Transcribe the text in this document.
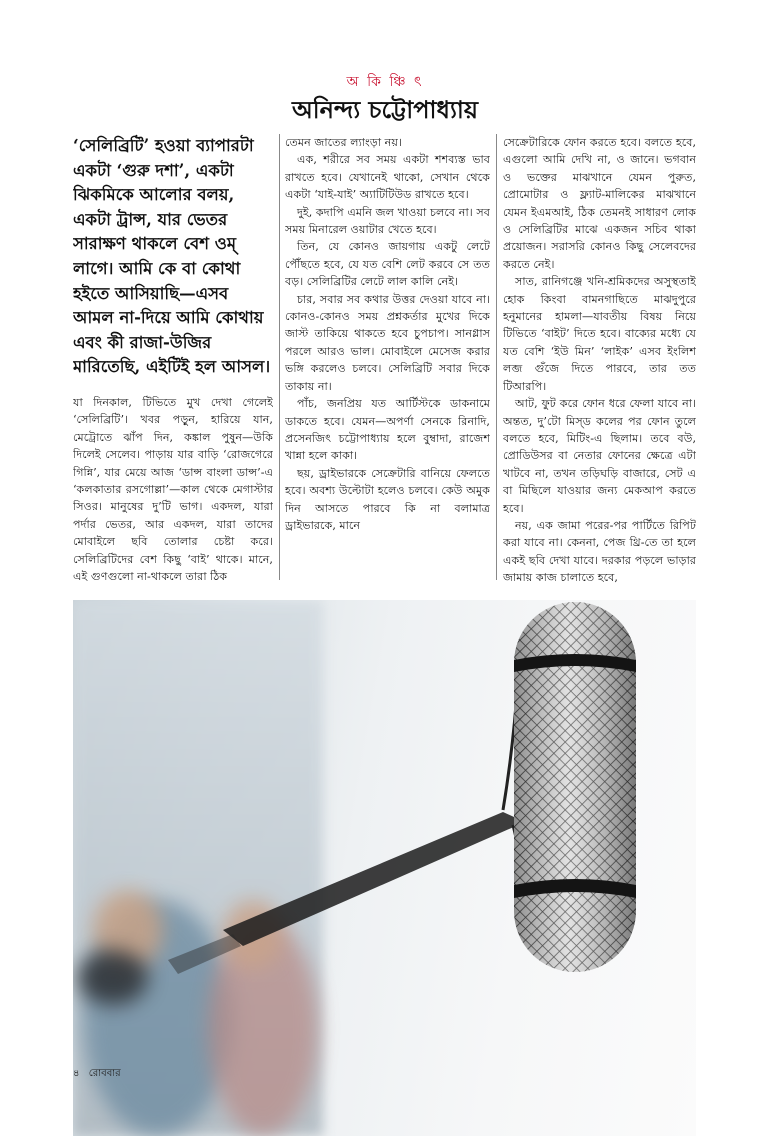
অ কি ঞ্চি ৎ
অনিন্দ্য চট্টোপাধ্যায়

‘সেলিব্রিটি’ হওয়া ব্যাপারটা একটা ‘গুরু দশা’, একটা ঝিকমিকে আলোর বলয়, একটা ট্রান্স, যার ভেতর সারাক্ষণ থাকলে বেশ ওম্‌ লাগে। আমি কে বা কোথা হইতে আসিয়াছি—এসব আমল না-দিয়ে আমি কোথায় এবং কী রাজা-উজির মারিতেছি, এইটিই হল আসল।

যা দিনকাল, টিভিতে মুখ দেখা গেলেই ‘সেলিব্রিটি’। খবর পড়ুন, হারিয়ে যান, মেট্রোতে ঝাঁপ দিন, কঙ্কাল পুষুন—উকি দিলেই সেলেব। পাড়ায় যার বাড়ি ‘রোজগেরে গিন্নি’, যার মেয়ে আজ ‘ডান্স বাংলা ডান্স’-এ ‘কলকাতার রসগোল্লা’—কাল থেকে মেগাস্টার সিওর। মানুষের দু’টি ভাগ। একদল, যারা পর্দার ভেতর, আর একদল, যারা তাদের মোবাইলে ছবি তোলার চেষ্টা করে। সেলিব্রিটিদের বেশ কিছু ‘বাই’ থাকে। মানে, এই গুণগুলো না-থাকলে তারা ঠিক

তেমন জাতের ল্যাংড়া নয়।

এক, শরীরে সব সময় একটা শশব্যস্ত ভাব রাখতে হবে। যেখানেই থাকো, সেখান থেকে একটা ‘যাই-যাই’ অ্যাটিটিউড রাখতে হবে।

দুই, কদাপি এমনি জল খাওয়া চলবে না। সব সময় মিনারেল ওয়াটার খেতে হবে।

তিন, যে কোনও জায়গায় একটু লেটে পৌঁছতে হবে, যে যত বেশি লেট করবে সে তত বড়। সেলিব্রিটির লেটে লাল কালি নেই।

চার, সবার সব কথার উত্তর দেওয়া যাবে না। কোনও-কোনও সময় প্রশ্নকর্তার মুখের দিকে জাস্ট তাকিয়ে থাকতে হবে চুপচাপ। সানগ্লাস পরলে আরও ভাল। মোবাইলে মেসেজ করার ভঙ্গি করলেও চলবে। সেলিব্রিটি সবার দিকে তাকায় না।

পাঁচ, জনপ্রিয় যত আর্টিস্টকে ডাকনামে ডাকতে হবে। যেমন—অপর্ণা সেনকে রিনাদি, প্রসেনজিৎ চট্টোপাধ্যায় হলে বুম্বাদা, রাজেশ খান্না হলে কাকা।

ছয়, ড্রাইভারকে সেক্রেটারি বানিয়ে ফেলতে হবে। অবশ্য উল্টোটা হলেও চলবে। কেউ অমুক দিন আসতে পারবে কি না বলামাত্র ড্রাইভারকে, মানে

সেক্রেটারিকে ফোন করতে হবে। বলতে হবে, এগুলো আমি দেখি না, ও জানে। ভগবান ও ভক্তের মাঝখানে যেমন পুরুত, প্রোমোটার ও ফ্ল্যাট-মালিকের মাঝখানে যেমন ইএমআই, ঠিক তেমনই সাধারণ লোক ও সেলিব্রিটির মাঝে একজন সচিব থাকা প্রয়োজন। সরাসরি কোনও কিছু সেলেবদের করতে নেই।

সাত, রানিগঞ্জে খনি-শ্রমিকদের অসুস্থতাই হোক কিংবা বামনগাছিতে মাঝদুপুরে হনুমানের হামলা—যাবতীয় বিষয় নিয়ে টিভিতে ‘বাইট’ দিতে হবে। বাক্যের মধ্যে যে যত বেশি ‘ইউ মিন’ ‘লাইক’ এসব ইংলিশ লব্জ গুঁজে দিতে পারবে, তার তত টিআরপি।

আট, ফুট করে ফোন ধরে ফেলা যাবে না। অন্তত, দু’টো মিস্‌ড কলের পর ফোন তুলে বলতে হবে, মিটিং-এ ছিলাম। তবে বউ, প্রোডিউসর বা নেতার ফোনের ক্ষেত্রে এটা খাটবে না, তখন তড়িঘড়ি বাজারে, সেট এ বা মিছিলে যাওয়ার জন্য মেকআপ করতে হবে।

নয়, এক জামা পরের-পর পার্টিতে রিপিট করা যাবে না। কেননা, পেজ থ্রি-তে তা হলে একই ছবি দেখা যাবে। দরকার পড়লে ভাড়ার জামায় কাজ চালাতে হবে,

৪ রোববার
